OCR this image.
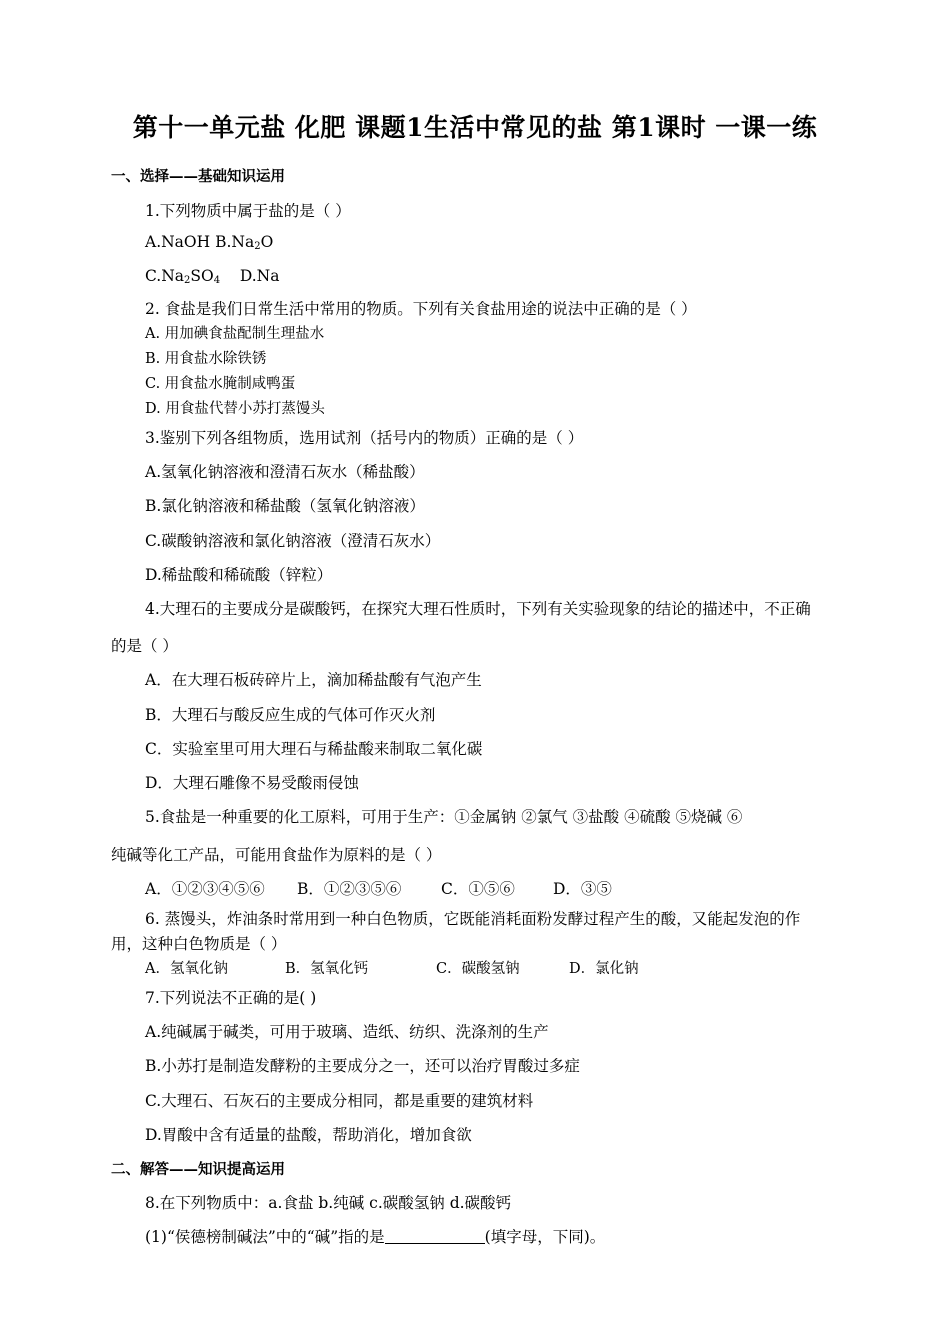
第十一单元盐 化肥 课题1生活中常见的盐 第1课时 一课一练
一、选择——基础知识运用
1.下列物质中属于盐的是（ ）
A.NaOH $B.Na_2O$
$C.Na_2SO_4$    D.Na
2. 食盐是我们日常生活中常用的物质。下列有关食盐用途的说法中正确的是（ ）
A. 用加碘食盐配制生理盐水
B. 用食盐水除铁锈
C. 用食盐水腌制咸鸭蛋
D. 用食盐代替小苏打蒸馒头
3.鉴别下列各组物质，选用试剂（括号内的物质）正确的是（ ）
A.氢氧化钠溶液和澄清石灰水（稀盐酸）
B.氯化钠溶液和稀盐酸（氢氧化钠溶液）
C.碳酸钠溶液和氯化钠溶液（澄清石灰水）
D.稀盐酸和稀硫酸（锌粒）
4.大理石的主要成分是碳酸钙，在探究大理石性质时，下列有关实验现象的结论的描述中，不正确
的是（ ）
A．在大理石板砖碎片上，滴加稀盐酸有气泡产生
B．大理石与酸反应生成的气体可作灭火剂
C．实验室里可用大理石与稀盐酸来制取二氧化碳
D．大理石雕像不易受酸雨侵蚀
5.食盐是一种重要的化工原料，可用于生产：①金属钠 ②氯气 ③盐酸 ④硫酸 ⑤烧碱 ⑥
纯碱等化工产品，可能用食盐作为原料的是（ ）
A．①②③④⑤⑥ B．①②③⑤⑥	C．①⑤⑥ D．③⑤
6. 蒸馒头，炸油条时常用到一种白色物质，它既能消耗面粉发酵过程产生的酸，又能起发泡的作
用，这种白色物质是（ ）
A．氢氧化钠	B．氢氧化钙	C．碳酸氢钠	D．氯化钠
7.下列说法不正确的是( )
A.纯碱属于碱类，可用于玻璃、造纸、纺织、洗涤剂的生产
B.小苏打是制造发酵粉的主要成分之一，还可以治疗胃酸过多症
C.大理石、石灰石的主要成分相同，都是重要的建筑材料
D.胃酸中含有适量的盐酸，帮助消化，增加食欲
二、解答——知识提高运用
8.在下列物质中：a.食盐 b.纯碱 c.碳酸氢钠 d.碳酸钙
(1)“侯德榜制碱法”中的“碱”指的是	(填字母，下同)。
